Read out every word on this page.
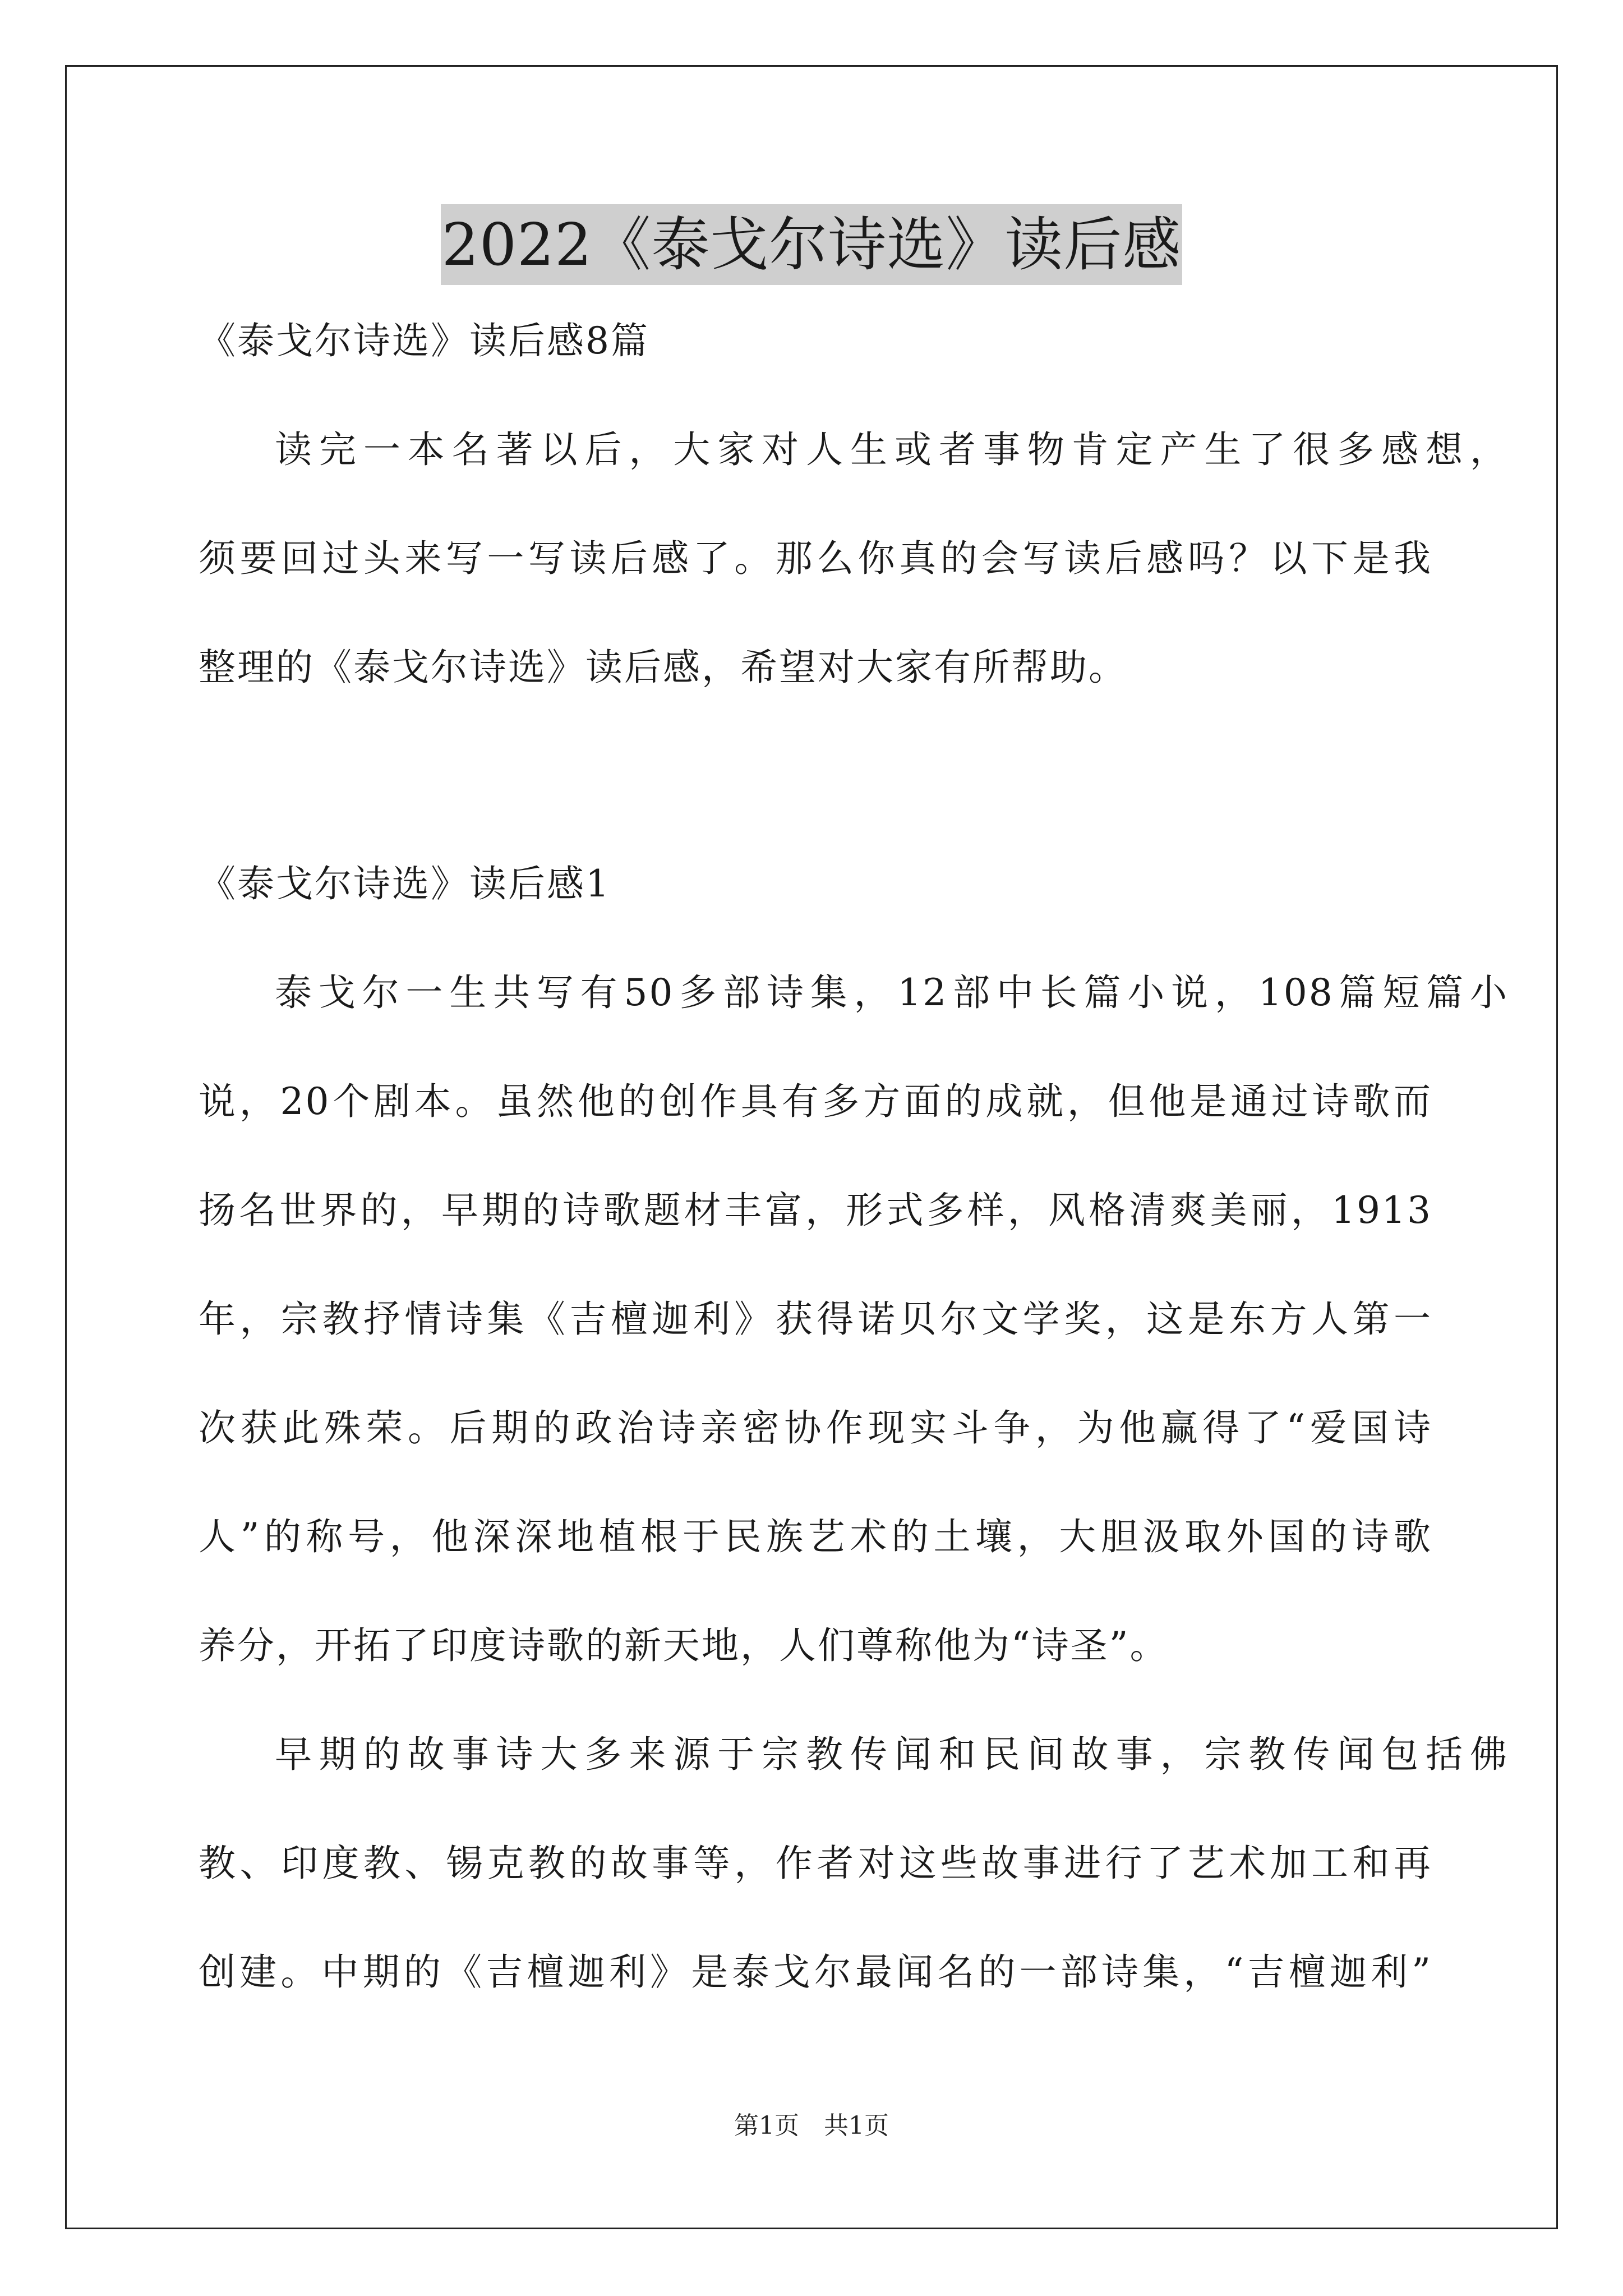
2022《泰戈尔诗选》读后感
《泰戈尔诗选》读后感8篇
读完一本名著以后，大家对人生或者事物肯定产生了很多感想，
须要回过头来写一写读后感了。那么你真的会写读后感吗？以下是我
整理的《泰戈尔诗选》读后感，希望对大家有所帮助。
《泰戈尔诗选》读后感1
泰戈尔一生共写有50多部诗集，12部中长篇小说，108篇短篇小
说，20个剧本。虽然他的创作具有多方面的成就，但他是通过诗歌而
扬名世界的，早期的诗歌题材丰富，形式多样，风格清爽美丽，1913
年，宗教抒情诗集《吉檀迦利》获得诺贝尔文学奖，这是东方人第一
次获此殊荣。后期的政治诗亲密协作现实斗争，为他赢得了“爱国诗
人”的称号，他深深地植根于民族艺术的土壤，大胆汲取外国的诗歌
养分，开拓了印度诗歌的新天地，人们尊称他为“诗圣”。
早期的故事诗大多来源于宗教传闻和民间故事，宗教传闻包括佛
教、印度教、锡克教的故事等，作者对这些故事进行了艺术加工和再
创建。中期的《吉檀迦利》是泰戈尔最闻名的一部诗集，“吉檀迦利”
第1页　共1页
